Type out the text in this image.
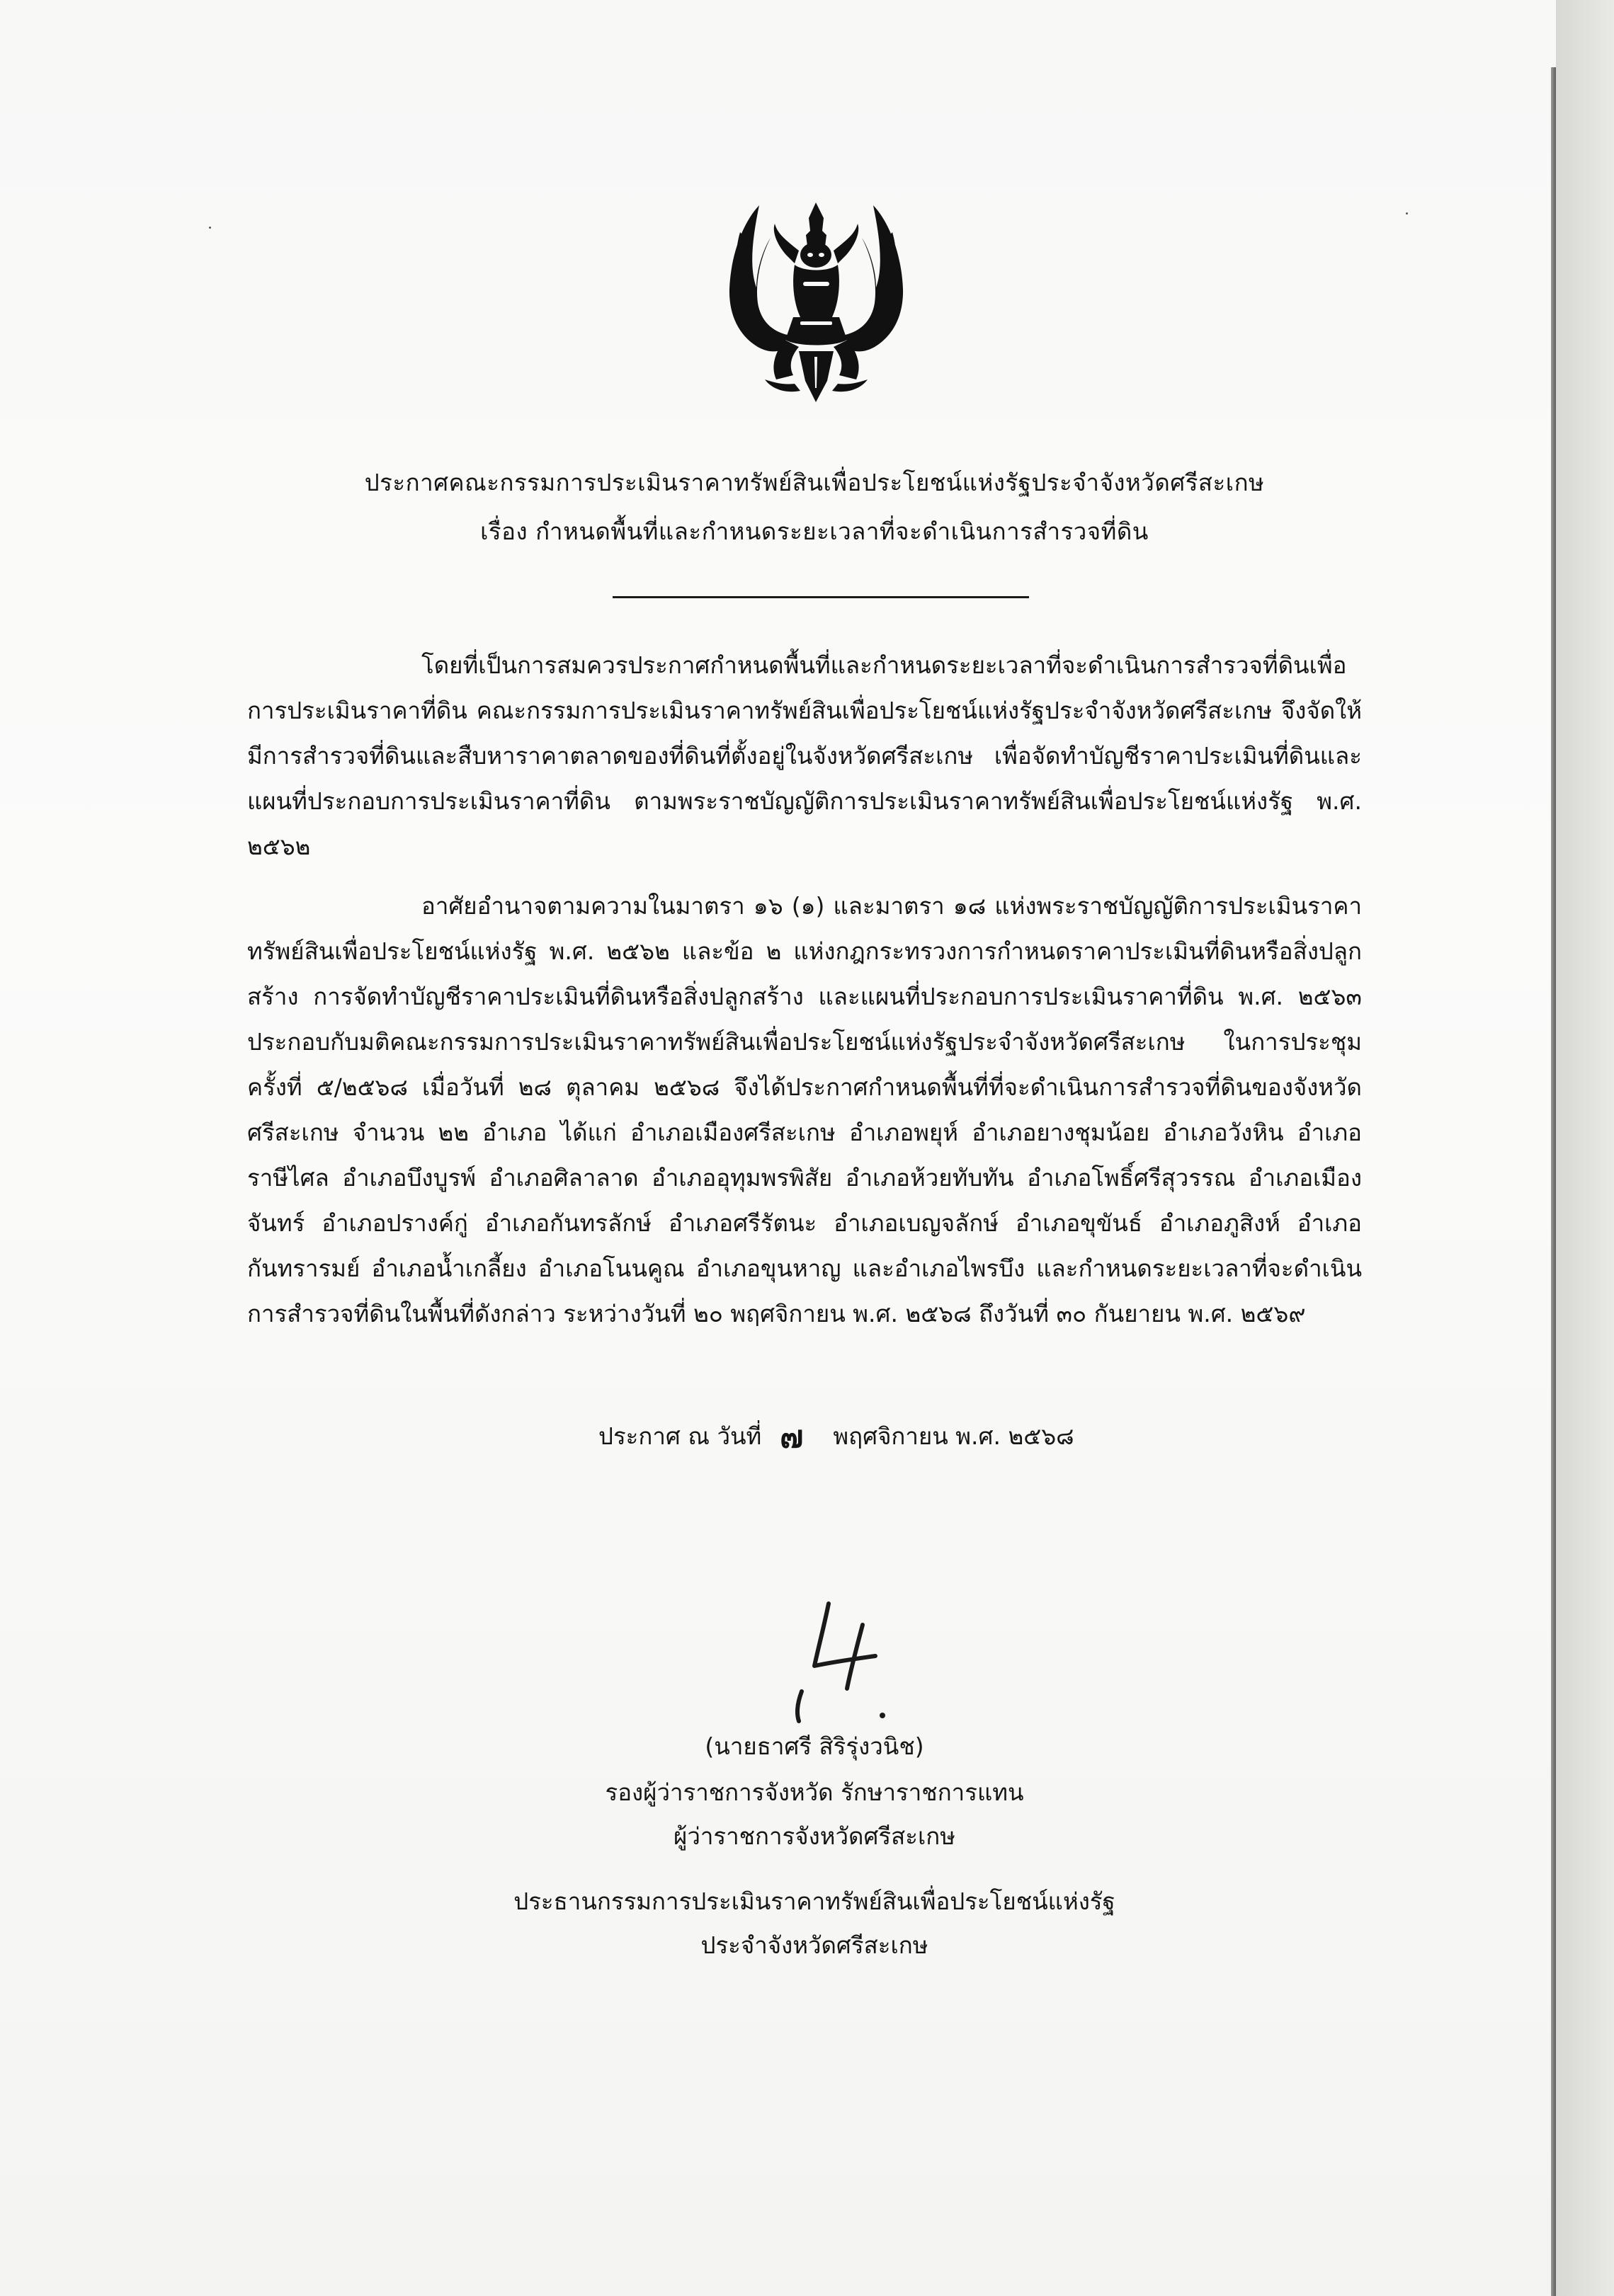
ประกาศคณะกรรมการประเมินราคาทรัพย์สินเพื่อประโยชน์แห่งรัฐประจำจังหวัดศรีสะเกษ
เรื่อง กำหนดพื้นที่และกำหนดระยะเวลาที่จะดำเนินการสำรวจที่ดิน
โดยที่เป็นการสมควรประกาศกำหนดพื้นที่และกำหนดระยะเวลาที่จะดำเนินการสำรวจที่ดินเพื่อการประเมินราคาที่ดิน คณะกรรมการประเมินราคาทรัพย์สินเพื่อประโยชน์แห่งรัฐประจำจังหวัดศรีสะเกษ จึงจัดให้มีการสำรวจที่ดินและสืบหาราคาตลาดของที่ดินที่ตั้งอยู่ในจังหวัดศรีสะเกษ เพื่อจัดทำบัญชีราคาประเมินที่ดินและแผนที่ประกอบการประเมินราคาที่ดิน ตามพระราชบัญญัติการประเมินราคาทรัพย์สินเพื่อประโยชน์แห่งรัฐ พ.ศ. ๒๕๖๒
อาศัยอำนาจตามความในมาตรา ๑๖ (๑) และมาตรา ๑๘ แห่งพระราชบัญญัติการประเมินราคาทรัพย์สินเพื่อประโยชน์แห่งรัฐ พ.ศ. ๒๕๖๒ และข้อ ๒ แห่งกฎกระทรวงการกำหนดราคาประเมินที่ดินหรือสิ่งปลูกสร้าง การจัดทำบัญชีราคาประเมินที่ดินหรือสิ่งปลูกสร้าง และแผนที่ประกอบการประเมินราคาที่ดิน พ.ศ. ๒๕๖๓ ประกอบกับมติคณะกรรมการประเมินราคาทรัพย์สินเพื่อประโยชน์แห่งรัฐประจำจังหวัดศรีสะเกษ ในการประชุมครั้งที่ ๕/๒๕๖๘ เมื่อวันที่ ๒๘ ตุลาคม ๒๕๖๘ จึงได้ประกาศกำหนดพื้นที่ที่จะดำเนินการสำรวจที่ดินของจังหวัดศรีสะเกษ จำนวน ๒๒ อำเภอ ได้แก่ อำเภอเมืองศรีสะเกษ อำเภอพยุห์ อำเภอยางชุมน้อย อำเภอวังหิน อำเภอราษีไศล อำเภอบึงบูรพ์ อำเภอศิลาลาด อำเภออุทุมพรพิสัย อำเภอห้วยทับทัน อำเภอโพธิ์ศรีสุวรรณ อำเภอเมืองจันทร์ อำเภอปรางค์กู่ อำเภอกันทรลักษ์ อำเภอศรีรัตนะ อำเภอเบญจลักษ์ อำเภอขุขันธ์ อำเภอภูสิงห์ อำเภอกันทรารมย์ อำเภอน้ำเกลี้ยง อำเภอโนนคูณ อำเภอขุนหาญ และอำเภอไพรบึง และกำหนดระยะเวลาที่จะดำเนินการสำรวจที่ดินในพื้นที่ดังกล่าว ระหว่างวันที่ ๒๐ พฤศจิกายน พ.ศ. ๒๕๖๘ ถึงวันที่ ๓๐ กันยายน พ.ศ. ๒๕๖๙
ประกาศ ณ วันที่ ๗ พฤศจิกายน พ.ศ. ๒๕๖๘
(นายธาศรี สิริรุ่งวนิช)
รองผู้ว่าราชการจังหวัด รักษาราชการแทน
ผู้ว่าราชการจังหวัดศรีสะเกษ
ประธานกรรมการประเมินราคาทรัพย์สินเพื่อประโยชน์แห่งรัฐ
ประจำจังหวัดศรีสะเกษ
